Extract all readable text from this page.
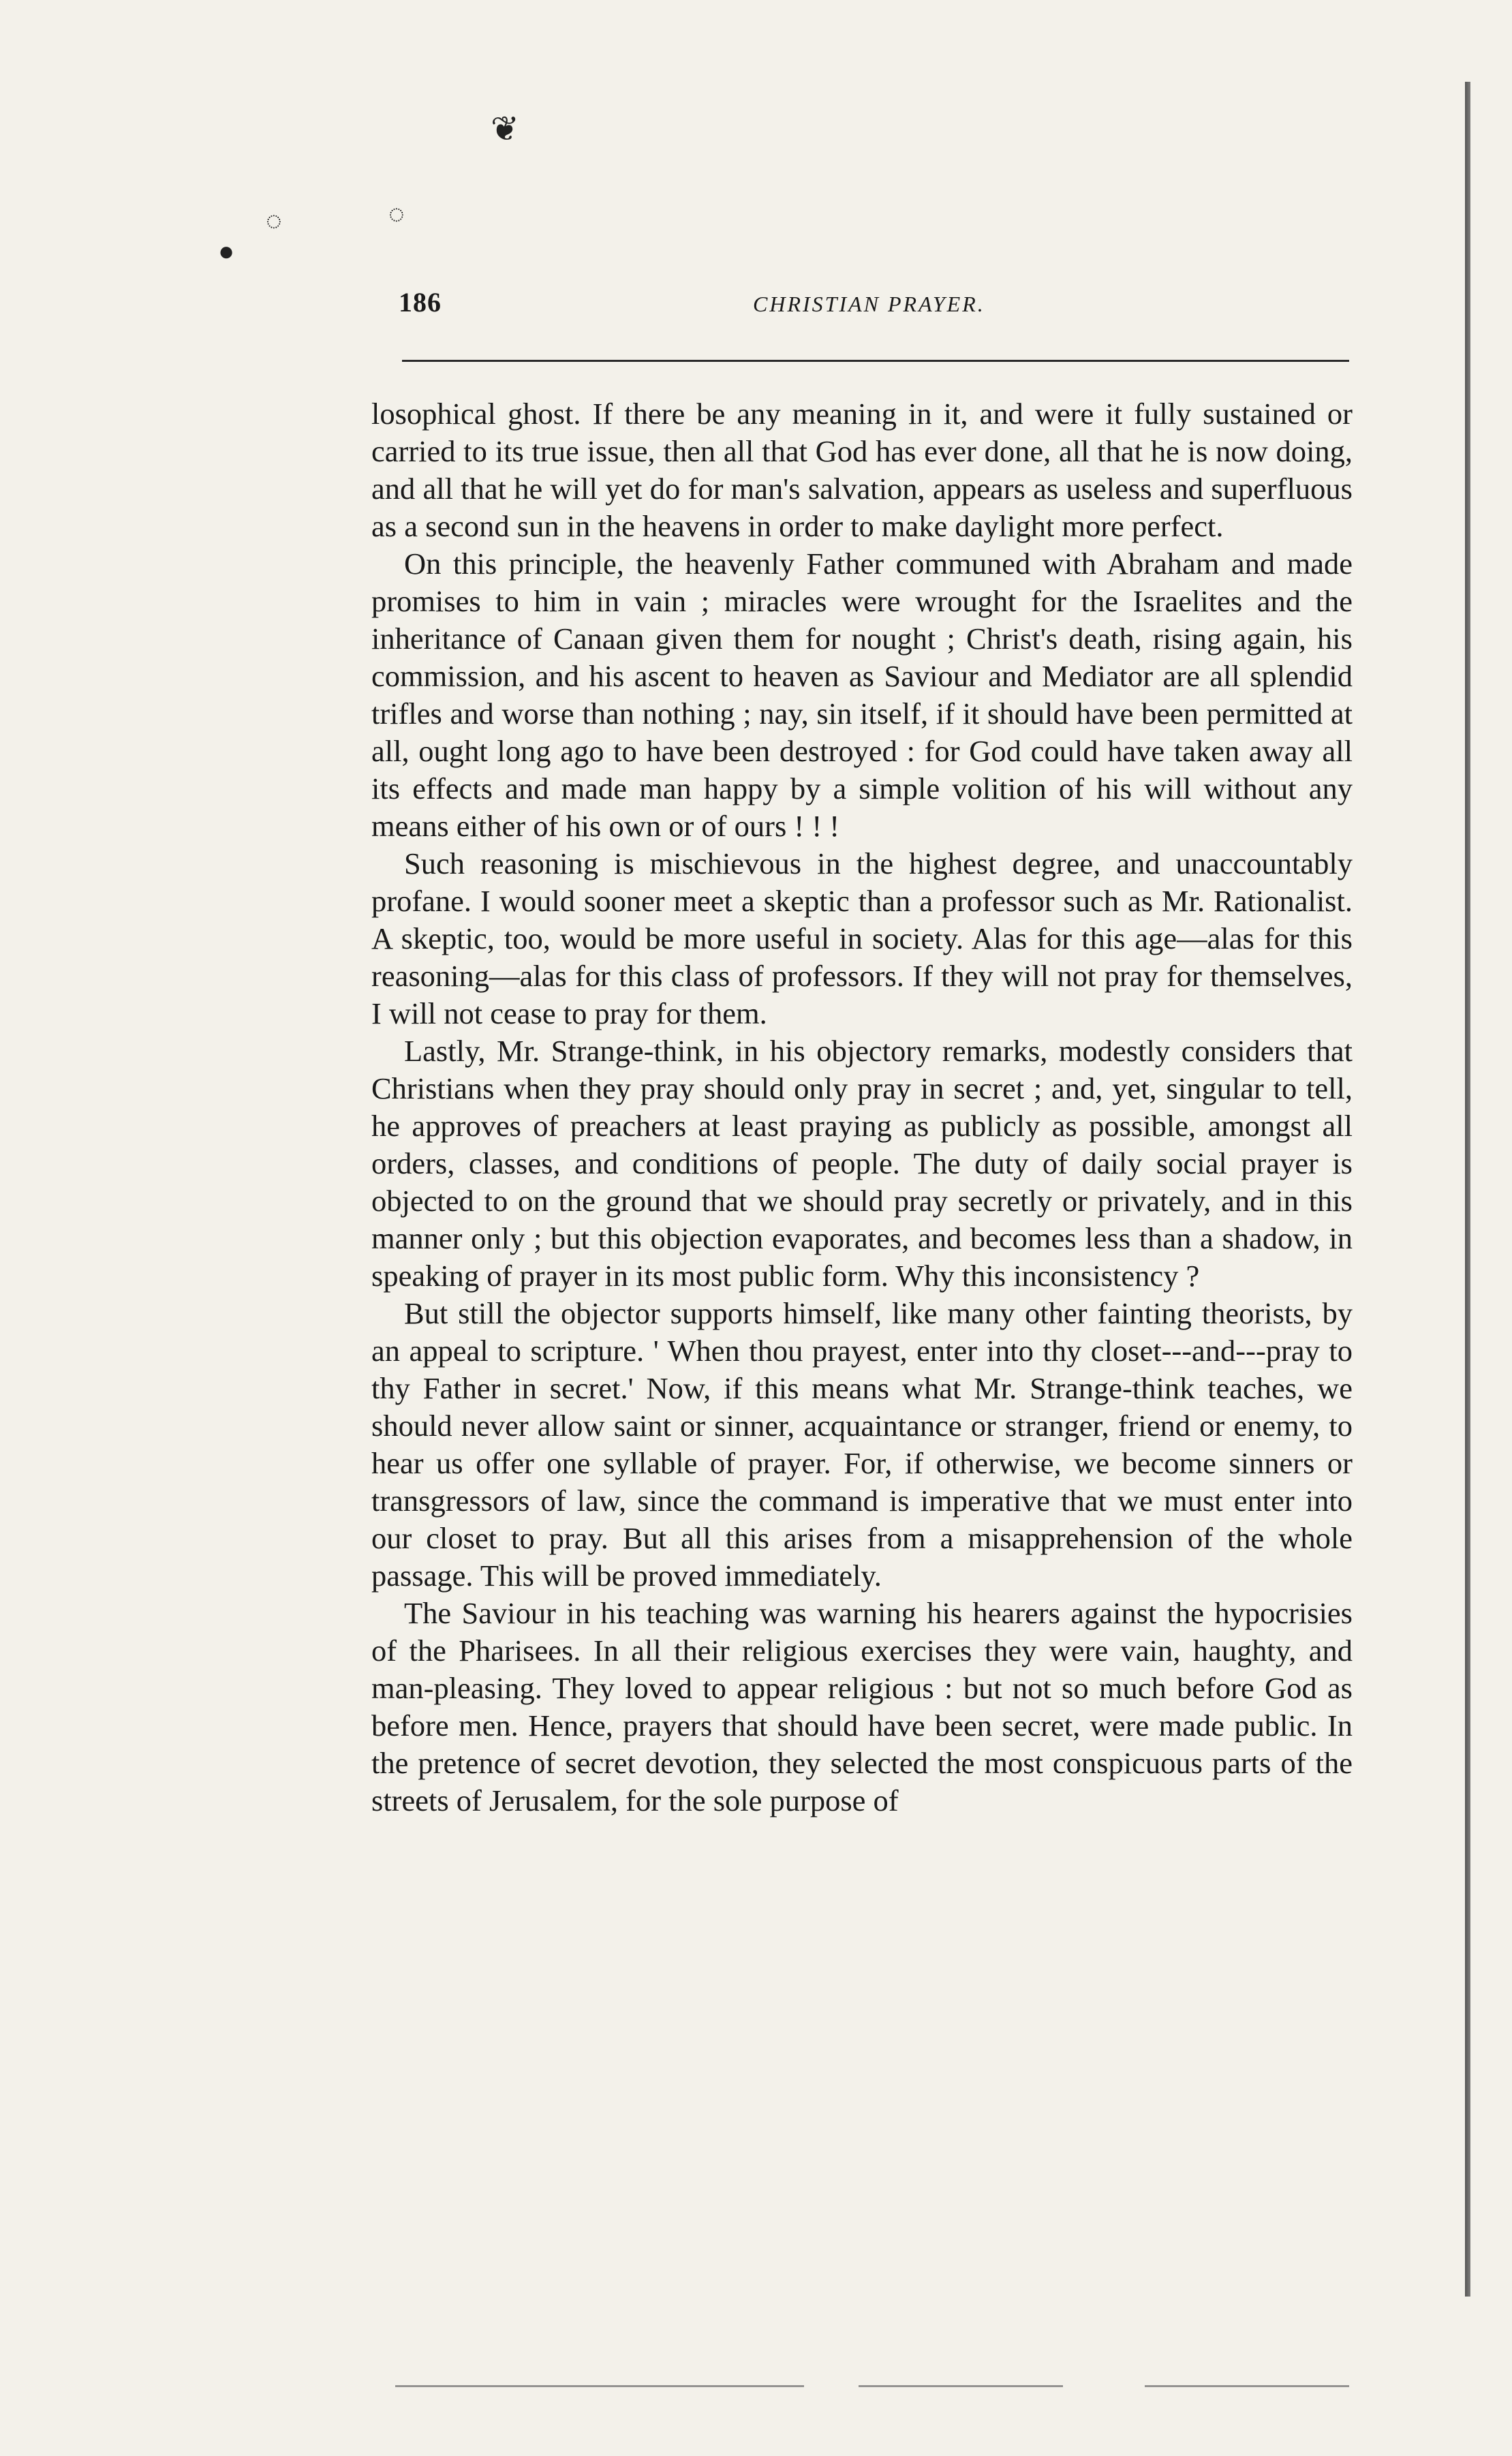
❦
◌
●
◌
186	CHRISTIAN PRAYER.

losophical ghost. If there be any meaning in it, and were it fully sustained or carried to its true issue, then all that God has ever done, all that he is now doing, and all that he will yet do for man's salvation, appears as useless and superfluous as a second sun in the heavens in order to make daylight more perfect.

On this principle, the heavenly Father communed with Abraham and made promises to him in vain ; miracles were wrought for the Israelites and the inheritance of Canaan given them for nought ; Christ's death, rising again, his commission, and his ascent to heaven as Saviour and Mediator are all splendid trifles and worse than nothing ; nay, sin itself, if it should have been permitted at all, ought long ago to have been destroyed : for God could have taken away all its effects and made man happy by a simple volition of his will without any means either of his own or of ours ! ! !

Such reasoning is mischievous in the highest degree, and unaccountably profane. I would sooner meet a skeptic than a professor such as Mr. Rationalist. A skeptic, too, would be more useful in society. Alas for this age—alas for this reasoning—alas for this class of professors. If they will not pray for themselves, I will not cease to pray for them.

Lastly, Mr. Strange-think, in his objectory remarks, modestly considers that Christians when they pray should only pray in secret ; and, yet, singular to tell, he approves of preachers at least praying as publicly as possible, amongst all orders, classes, and conditions of people. The duty of daily social prayer is objected to on the ground that we should pray secretly or privately, and in this manner only ; but this objection evaporates, and becomes less than a shadow, in speaking of prayer in its most public form. Why this inconsistency ?

But still the objector supports himself, like many other fainting theorists, by an appeal to scripture. ' When thou prayest, enter into thy closet---and---pray to thy Father in secret.' Now, if this means what Mr. Strange-think teaches, we should never allow saint or sinner, acquaintance or stranger, friend or enemy, to hear us offer one syllable of prayer. For, if otherwise, we become sinners or transgressors of law, since the command is imperative that we must enter into our closet to pray. But all this arises from a misapprehension of the whole passage. This will be proved immediately.

The Saviour in his teaching was warning his hearers against the hypocrisies of the Pharisees. In all their religious exercises they were vain, haughty, and man-pleasing. They loved to appear religious : but not so much before God as before men. Hence, prayers that should have been secret, were made public. In the pretence of secret devotion, they selected the most conspicuous parts of the streets of Jerusalem, for the sole purpose of
